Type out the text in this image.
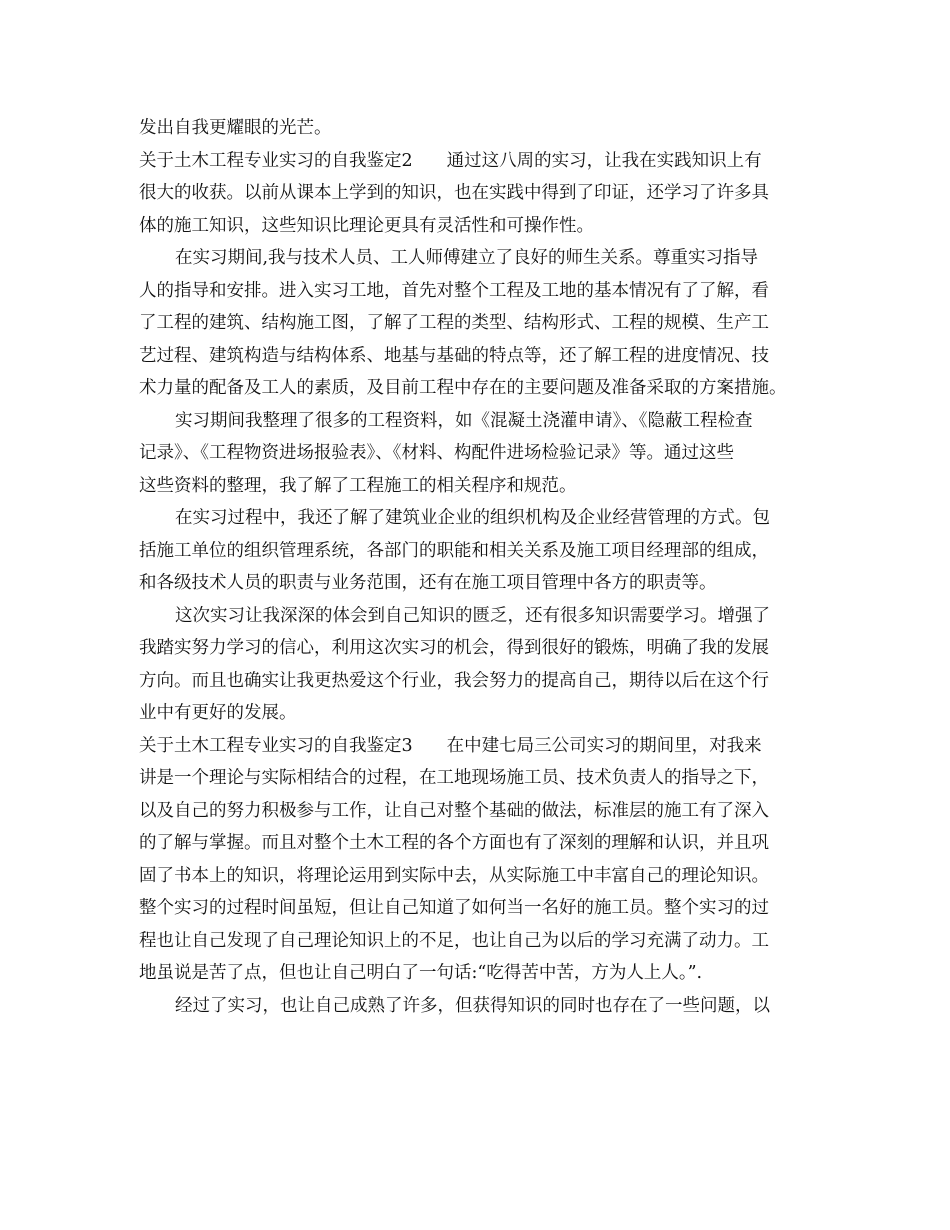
发出自我更耀眼的光芒。
关于土木工程专业实习的自我鉴定2 通过这八周的实习，让我在实践知识上有
很大的收获。以前从课本上学到的知识，也在实践中得到了印证，还学习了许多具
体的施工知识，这些知识比理论更具有灵活性和可操作性。
在实习期间,我与技术人员、工人师傅建立了良好的师生关系。尊重实习指导
人的指导和安排。进入实习工地，首先对整个工程及工地的基本情况有了了解，看
了工程的建筑、结构施工图，了解了工程的类型、结构形式、工程的规模、生产工
艺过程、建筑构造与结构体系、地基与基础的特点等，还了解工程的进度情况、技
术力量的配备及工人的素质，及目前工程中存在的主要问题及准备采取的方案措施。
实习期间我整理了很多的工程资料，如《混凝土浇灌申请》、《隐蔽工程检查
记录》、《工程物资进场报验表》、《材料、构配件进场检验记录》等。通过这些
这些资料的整理，我了解了工程施工的相关程序和规范。
在实习过程中，我还了解了建筑业企业的组织机构及企业经营管理的方式。包
括施工单位的组织管理系统，各部门的职能和相关关系及施工项目经理部的组成，
和各级技术人员的职责与业务范围，还有在施工项目管理中各方的职责等。
这次实习让我深深的体会到自己知识的匮乏，还有很多知识需要学习。增强了
我踏实努力学习的信心，利用这次实习的机会，得到很好的锻炼，明确了我的发展
方向。而且也确实让我更热爱这个行业，我会努力的提高自己，期待以后在这个行
业中有更好的发展。
关于土木工程专业实习的自我鉴定3 在中建七局三公司实习的期间里，对我来
讲是一个理论与实际相结合的过程，在工地现场施工员、技术负责人的指导之下，
以及自己的努力积极参与工作，让自己对整个基础的做法，标准层的施工有了深入
的了解与掌握。而且对整个土木工程的各个方面也有了深刻的理解和认识，并且巩
固了书本上的知识，将理论运用到实际中去，从实际施工中丰富自己的理论知识。
整个实习的过程时间虽短，但让自己知道了如何当一名好的施工员。整个实习的过
程也让自己发现了自己理论知识上的不足，也让自己为以后的学习充满了动力。工
地虽说是苦了点，但也让自己明白了一句话:“吃得苦中苦，方为人上人。”.
经过了实习，也让自己成熟了许多，但获得知识的同时也存在了一些问题，以
